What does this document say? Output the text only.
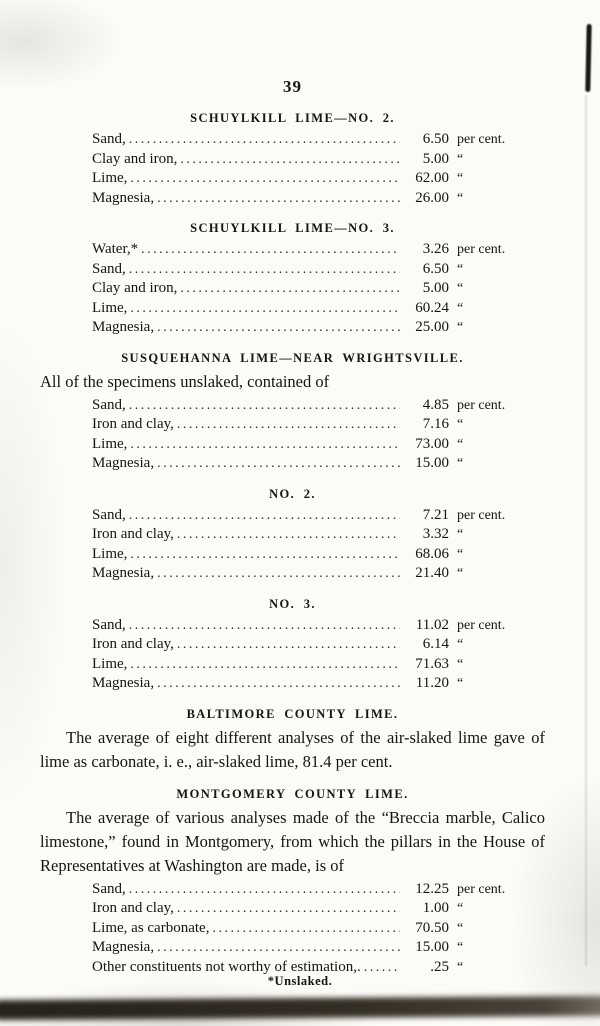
39
SCHUYLKILL LIME—NO. 2.
Sand, .....	6.50 per cent.
Clay and iron, .....	5.00 “
Lime, .....	62.00 “
Magnesia, .....	26.00 “
SCHUYLKILL LIME—NO. 3.
Water,* .....	3.26 per cent.
Sand, .....	6.50 “
Clay and iron, .....	5.00 “
Lime, .....	60.24 “
Magnesia, .....	25.00 “
SUSQUEHANNA LIME—NEAR WRIGHTSVILLE.
All of the specimens unslaked, contained of
Sand, .....	4.85 per cent.
Iron and clay, .....	7.16 “
Lime, .....	73.00 “
Magnesia, .....	15.00 “
NO. 2.
Sand, .....	7.21 per cent.
Iron and clay, .....	3.32 “
Lime, .....	68.06 “
Magnesia, .....	21.40 “
NO. 3.
Sand, .....	11.02 per cent.
Iron and clay, .....	6.14 “
Lime, .....	71.63 “
Magnesia, .....	11.20 “
BALTIMORE COUNTY LIME.
The average of eight different analyses of the air-slaked lime gave of lime as carbonate, i. e., air-slaked lime, 81.4 per cent.
MONTGOMERY COUNTY LIME.
The average of various analyses made of the “Breccia marble, Calico limestone,” found in Montgomery, from which the pillars in the House of Representatives at Washington are made, is of
Sand, .....	12.25 per cent.
Iron and clay, .....	1.00 “
Lime, as carbonate, .....	70.50 “
Magnesia, .....	15.00 “
Other constituents not worthy of estimation,. .....	.25 “
*Unslaked.
